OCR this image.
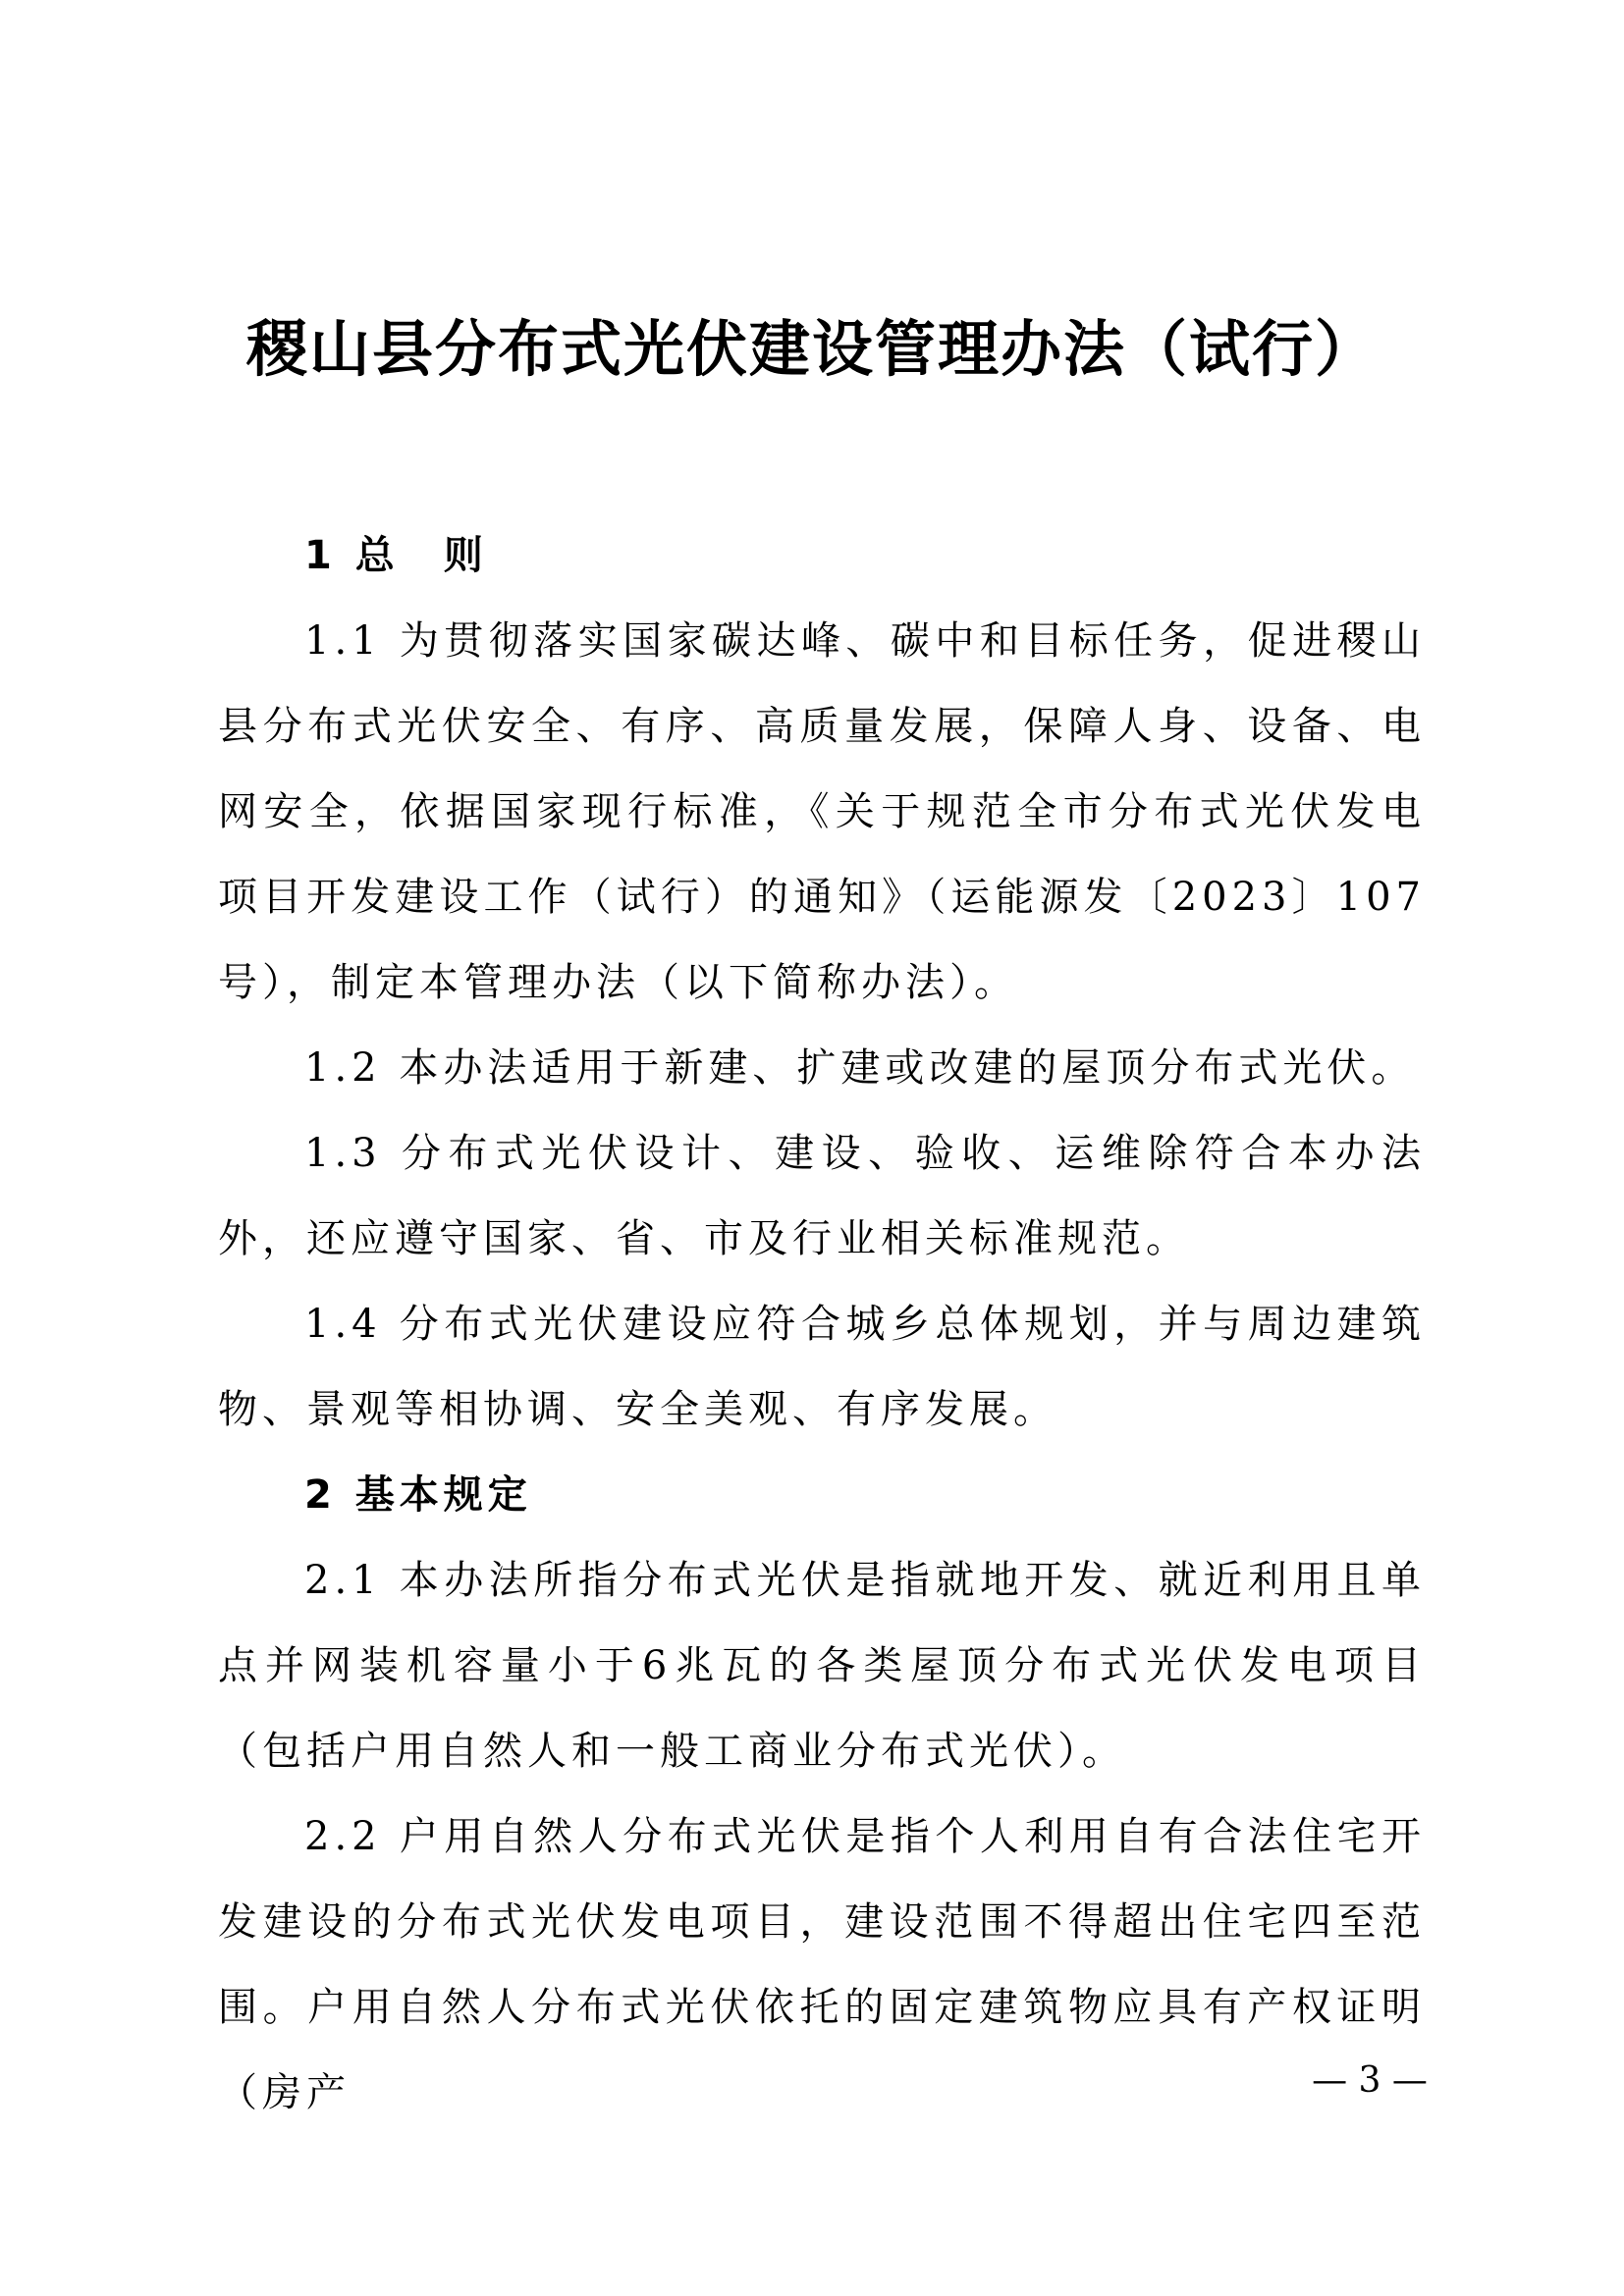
稷山县分布式光伏建设管理办法（试行）

1 总　则

1.1 为贯彻落实国家碳达峰、碳中和目标任务，促进稷山县分布式光伏安全、有序、高质量发展，保障人身、设备、电网安全，依据国家现行标准，《关于规范全市分布式光伏发电项目开发建设工作（试行）的通知》（运能源发〔2023〕107号），制定本管理办法（以下简称办法）。

1.2 本办法适用于新建、扩建或改建的屋顶分布式光伏。

1.3 分布式光伏设计、建设、验收、运维除符合本办法外，还应遵守国家、省、市及行业相关标准规范。

1.4 分布式光伏建设应符合城乡总体规划，并与周边建筑物、景观等相协调、安全美观、有序发展。

2 基本规定

2.1 本办法所指分布式光伏是指就地开发、就近利用且单点并网装机容量小于6兆瓦的各类屋顶分布式光伏发电项目（包括户用自然人和一般工商业分布式光伏）。

2.2 户用自然人分布式光伏是指个人利用自有合法住宅开发建设的分布式光伏发电项目，建设范围不得超出住宅四至范围。户用自然人分布式光伏依托的固定建筑物应具有产权证明（房产	— 3 —
